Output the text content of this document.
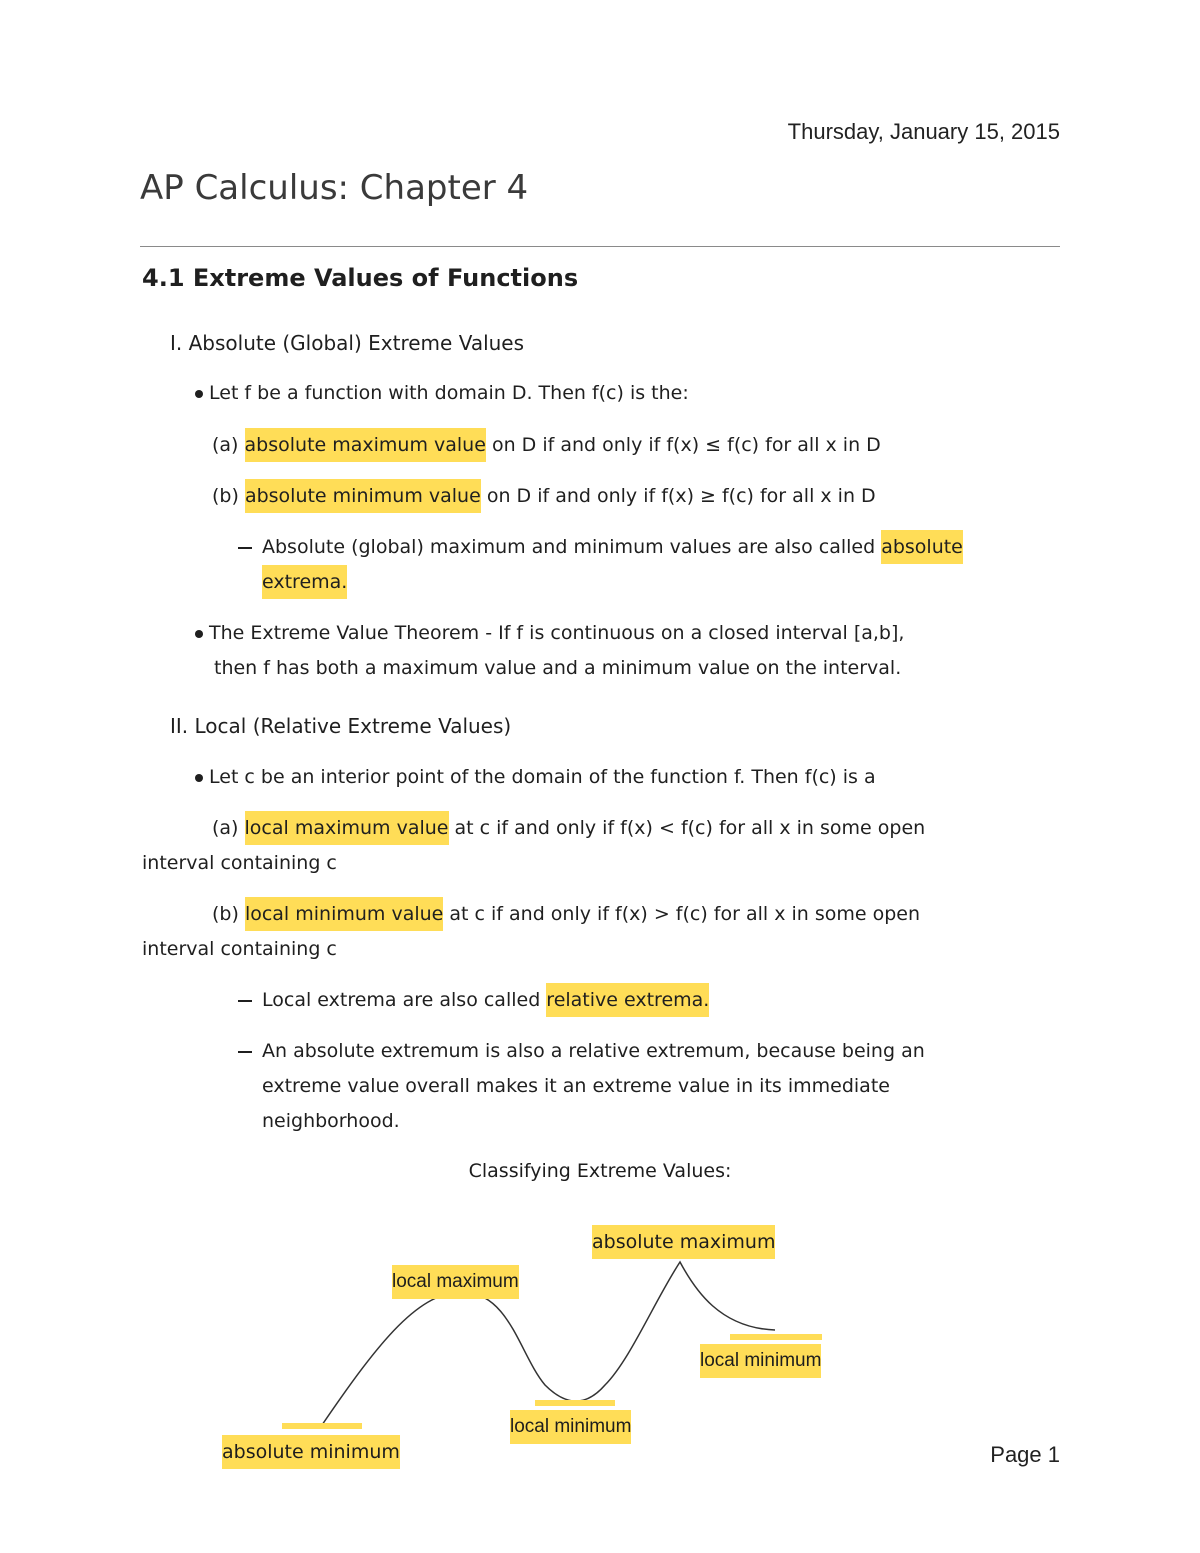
Thursday, January 15, 2015
AP Calculus: Chapter 4
4.1 Extreme Values of Functions
I. Absolute (Global) Extreme Values
Let f be a function with domain D. Then f(c) is the:
(a) absolute maximum value on D if and only if f(x) ≤ f(c) for all x in D
(b) absolute minimum value on D if and only if f(x) ≥ f(c) for all x in D
Absolute (global) maximum and minimum values are also called absolute
extrema.
The Extreme Value Theorem - If f is continuous on a closed interval [a,b],
then f has both a maximum value and a minimum value on the interval.
II. Local (Relative Extreme Values)
Let c be an interior point of the domain of the function f. Then f(c) is a
(a) local maximum value at c if and only if f(x) < f(c) for all x in some open
interval containing c
(b) local minimum value at c if and only if f(x) > f(c) for all x in some open
interval containing c
Local extrema are also called relative extrema.
An absolute extremum is also a relative extremum, because being an
extreme value overall makes it an extreme value in its immediate
neighborhood.
Classifying Extreme Values:
absolute maximum
local maximum
local minimum
local minimum
absolute minimum	Page 1
